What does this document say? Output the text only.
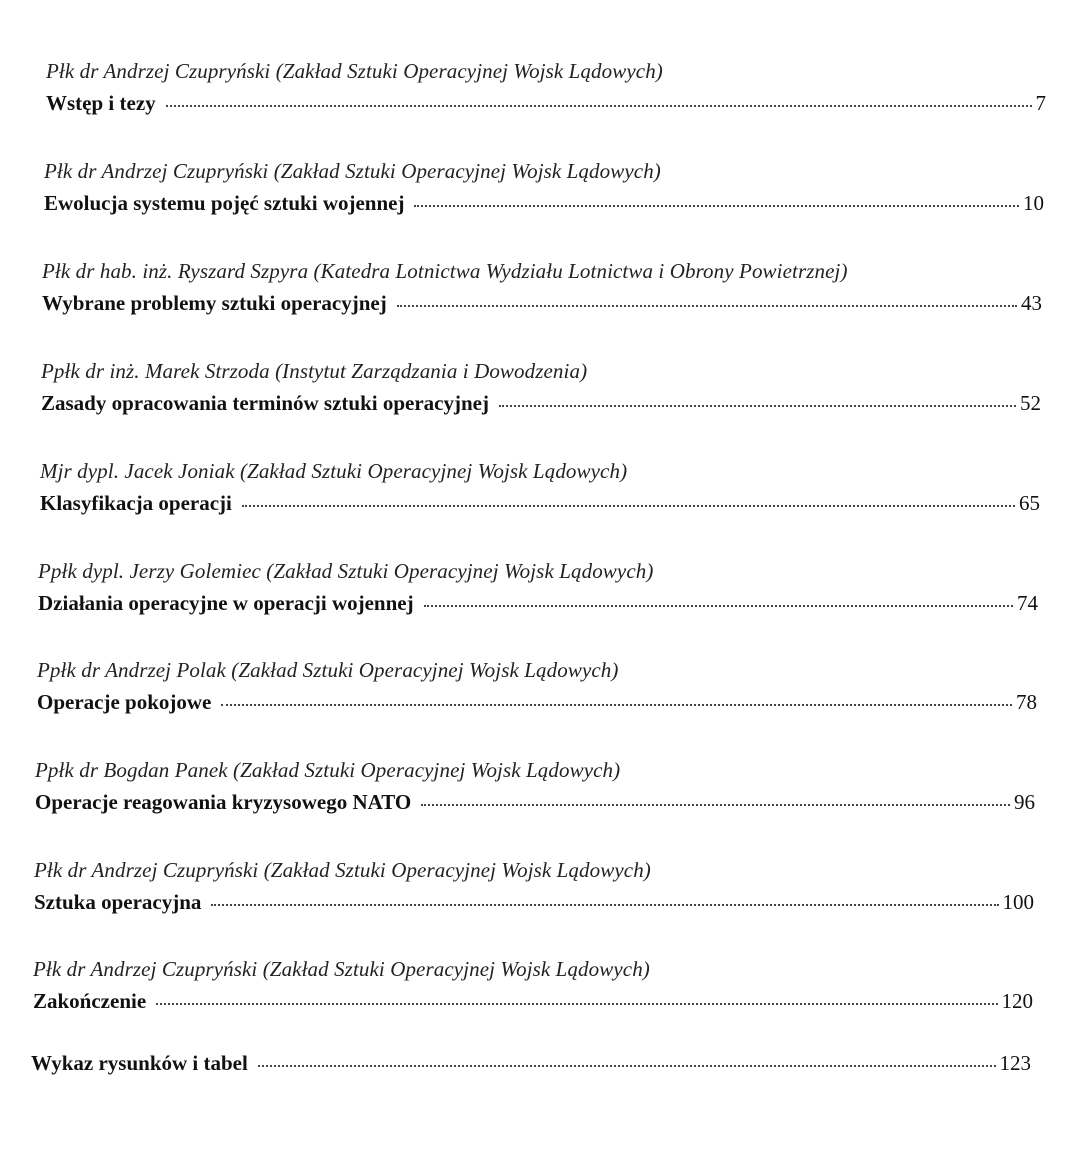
Płk dr Andrzej Czupryński (Zakład Sztuki Operacyjnej Wojsk Lądowych)
Wstęp i tezy	7
Płk dr Andrzej Czupryński (Zakład Sztuki Operacyjnej Wojsk Lądowych)
Ewolucja systemu pojęć sztuki wojennej	10
Płk dr hab. inż. Ryszard Szpyra (Katedra Lotnictwa Wydziału Lotnictwa i Obrony Powietrznej)
Wybrane problemy sztuki operacyjnej	43
Ppłk dr inż. Marek Strzoda (Instytut Zarządzania i Dowodzenia)
Zasady opracowania terminów sztuki operacyjnej	52
Mjr dypl. Jacek Joniak (Zakład Sztuki Operacyjnej Wojsk Lądowych)
Klasyfikacja operacji	65
Ppłk dypl. Jerzy Golemiec (Zakład Sztuki Operacyjnej Wojsk Lądowych)
Działania operacyjne w operacji wojennej	74
Ppłk dr Andrzej Polak (Zakład Sztuki Operacyjnej Wojsk Lądowych)
Operacje pokojowe	78
Ppłk dr Bogdan Panek (Zakład Sztuki Operacyjnej Wojsk Lądowych)
Operacje reagowania kryzysowego NATO	96
Płk dr Andrzej Czupryński (Zakład Sztuki Operacyjnej Wojsk Lądowych)
Sztuka operacyjna	100
Płk dr Andrzej Czupryński (Zakład Sztuki Operacyjnej Wojsk Lądowych)
Zakończenie	120
Wykaz rysunków i tabel	123
